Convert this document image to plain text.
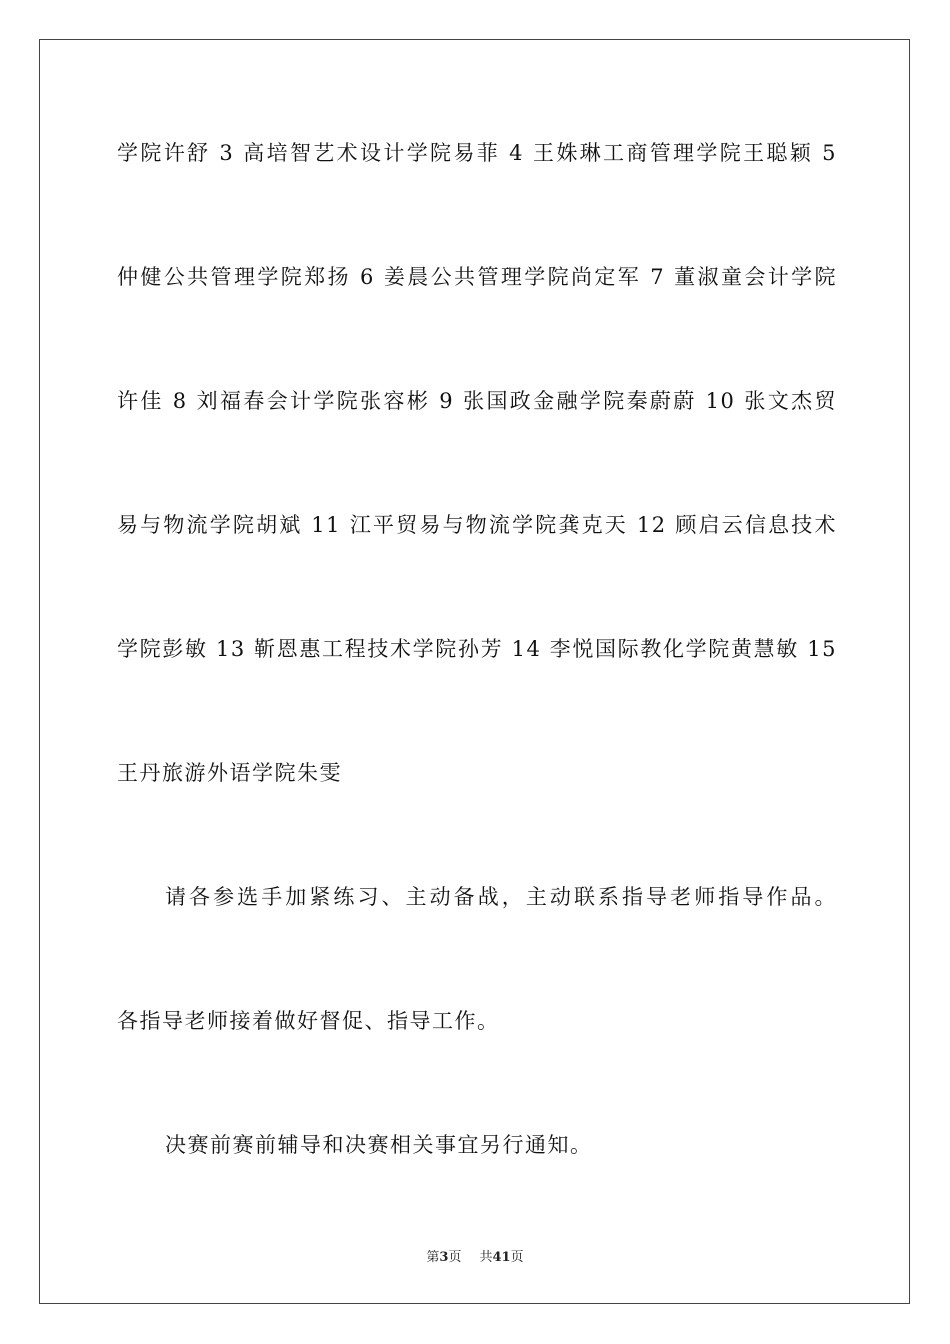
学院许舒 3 高培智艺术设计学院易菲 4 王姝琳工商管理学院王聪颖 5

仲健公共管理学院郑扬 6 姜晨公共管理学院尚定军 7 董淑童会计学院

许佳 8 刘福春会计学院张容彬 9 张国政金融学院秦蔚蔚 10 张文杰贸

易与物流学院胡斌 11 江平贸易与物流学院龚克天 12 顾启云信息技术

学院彭敏 13 靳恩惠工程技术学院孙芳 14 李悦国际教化学院黄慧敏 15

王丹旅游外语学院朱雯

请各参选手加紧练习、主动备战，主动联系指导老师指导作品。

各指导老师接着做好督促、指导工作。

决赛前赛前辅导和决赛相关事宜另行通知。

第3页 共41页
